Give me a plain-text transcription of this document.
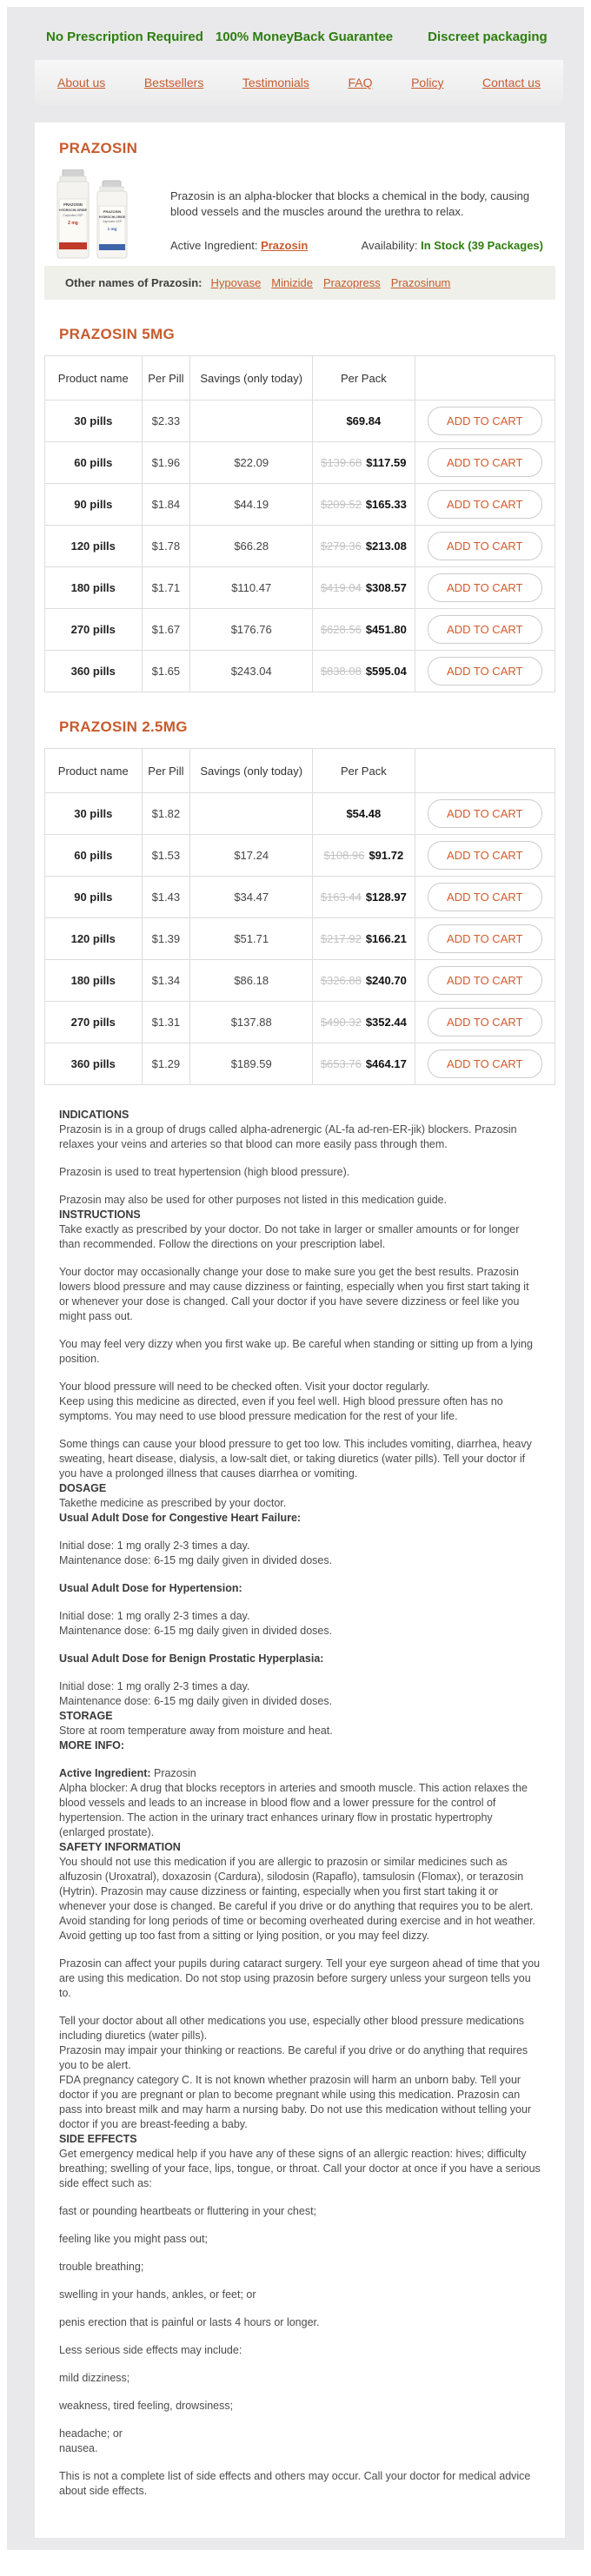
No Prescription Required 100% MoneyBack Guarantee	Discreet packaging
About us	Bestsellers	Testimonials	FAQ	Policy	Contact us
PRAZOSIN
PRAZOSIN
HYDROCHLORIDE
Capsules USP
2 mg
PRAZOSIN
HYDROCHLORIDE
Capsules USP
1 mg

Prazosin is an alpha-blocker that blocks a chemical in the body, causing blood vessels and the muscles around the urethra to relax.

Active Ingredient: Prazosin	Availability: In Stock (39 Packages)
Other names of Prazosin: Hypovase Minizide Prazopress Prazosinum
PRAZOSIN 5MG
Product name	Per Pill	Savings (only today)	Per Pack	
30 pills	$2.33		$69.84	ADD TO CART
60 pills	$1.96	$22.09	$139.68 $117.59	ADD TO CART
90 pills	$1.84	$44.19	$209.52 $165.33	ADD TO CART
120 pills	$1.78	$66.28	$279.36 $213.08	ADD TO CART
180 pills	$1.71	$110.47	$419.04 $308.57	ADD TO CART
270 pills	$1.67	$176.76	$628.56 $451.80	ADD TO CART
360 pills	$1.65	$243.04	$838.08 $595.04	ADD TO CART
PRAZOSIN 2.5MG
Product name	Per Pill	Savings (only today)	Per Pack	
30 pills	$1.82		$54.48	ADD TO CART
60 pills	$1.53	$17.24	$108.96 $91.72	ADD TO CART
90 pills	$1.43	$34.47	$163.44 $128.97	ADD TO CART
120 pills	$1.39	$51.71	$217.92 $166.21	ADD TO CART
180 pills	$1.34	$86.18	$326.88 $240.70	ADD TO CART
270 pills	$1.31	$137.88	$490.32 $352.44	ADD TO CART
360 pills	$1.29	$189.59	$653.76 $464.17	ADD TO CART

INDICATIONS

Prazosin is in a group of drugs called alpha-adrenergic (AL-fa ad-ren-ER-jik) blockers. Prazosin relaxes your veins and arteries so that blood can more easily pass through them.

Prazosin is used to treat hypertension (high blood pressure).

Prazosin may also be used for other purposes not listed in this medication guide.

INSTRUCTIONS

Take exactly as prescribed by your doctor. Do not take in larger or smaller amounts or for longer than recommended. Follow the directions on your prescription label.

Your doctor may occasionally change your dose to make sure you get the best results. Prazosin lowers blood pressure and may cause dizziness or fainting, especially when you first start taking it or whenever your dose is changed. Call your doctor if you have severe dizziness or feel like you might pass out.

You may feel very dizzy when you first wake up. Be careful when standing or sitting up from a lying position.

Your blood pressure will need to be checked often. Visit your doctor regularly.

Keep using this medicine as directed, even if you feel well. High blood pressure often has no symptoms. You may need to use blood pressure medication for the rest of your life.

Some things can cause your blood pressure to get too low. This includes vomiting, diarrhea, heavy sweating, heart disease, dialysis, a low-salt diet, or taking diuretics (water pills). Tell your doctor if you have a prolonged illness that causes diarrhea or vomiting.

DOSAGE

Takethe medicine as prescribed by your doctor.

Usual Adult Dose for Congestive Heart Failure:

Initial dose: 1 mg orally 2-3 times a day.

Maintenance dose: 6-15 mg daily given in divided doses.

Usual Adult Dose for Hypertension:

Initial dose: 1 mg orally 2-3 times a day.

Maintenance dose: 6-15 mg daily given in divided doses.

Usual Adult Dose for Benign Prostatic Hyperplasia:

Initial dose: 1 mg orally 2-3 times a day.

Maintenance dose: 6-15 mg daily given in divided doses.

STORAGE

Store at room temperature away from moisture and heat.

MORE INFO:

Active Ingredient: Prazosin

Alpha blocker: A drug that blocks receptors in arteries and smooth muscle. This action relaxes the blood vessels and leads to an increase in blood flow and a lower pressure for the control of hypertension. The action in the urinary tract enhances urinary flow in prostatic hypertrophy (enlarged prostate).

SAFETY INFORMATION

You should not use this medication if you are allergic to prazosin or similar medicines such as alfuzosin (Uroxatral), doxazosin (Cardura), silodosin (Rapaflo), tamsulosin (Flomax), or terazosin (Hytrin). Prazosin may cause dizziness or fainting, especially when you first start taking it or whenever your dose is changed. Be careful if you drive or do anything that requires you to be alert. Avoid standing for long periods of time or becoming overheated during exercise and in hot weather. Avoid getting up too fast from a sitting or lying position, or you may feel dizzy.

Prazosin can affect your pupils during cataract surgery. Tell your eye surgeon ahead of time that you are using this medication. Do not stop using prazosin before surgery unless your surgeon tells you to.

Tell your doctor about all other medications you use, especially other blood pressure medications including diuretics (water pills).

Prazosin may impair your thinking or reactions. Be careful if you drive or do anything that requires you to be alert.

FDA pregnancy category C. It is not known whether prazosin will harm an unborn baby. Tell your doctor if you are pregnant or plan to become pregnant while using this medication. Prazosin can pass into breast milk and may harm a nursing baby. Do not use this medication without telling your doctor if you are breast-feeding a baby.

SIDE EFFECTS

Get emergency medical help if you have any of these signs of an allergic reaction: hives; difficulty breathing; swelling of your face, lips, tongue, or throat. Call your doctor at once if you have a serious side effect such as:

fast or pounding heartbeats or fluttering in your chest;

feeling like you might pass out;

trouble breathing;

swelling in your hands, ankles, or feet; or

penis erection that is painful or lasts 4 hours or longer.

Less serious side effects may include:

mild dizziness;

weakness, tired feeling, drowsiness;

headache; or

nausea.

This is not a complete list of side effects and others may occur. Call your doctor for medical advice about side effects.
